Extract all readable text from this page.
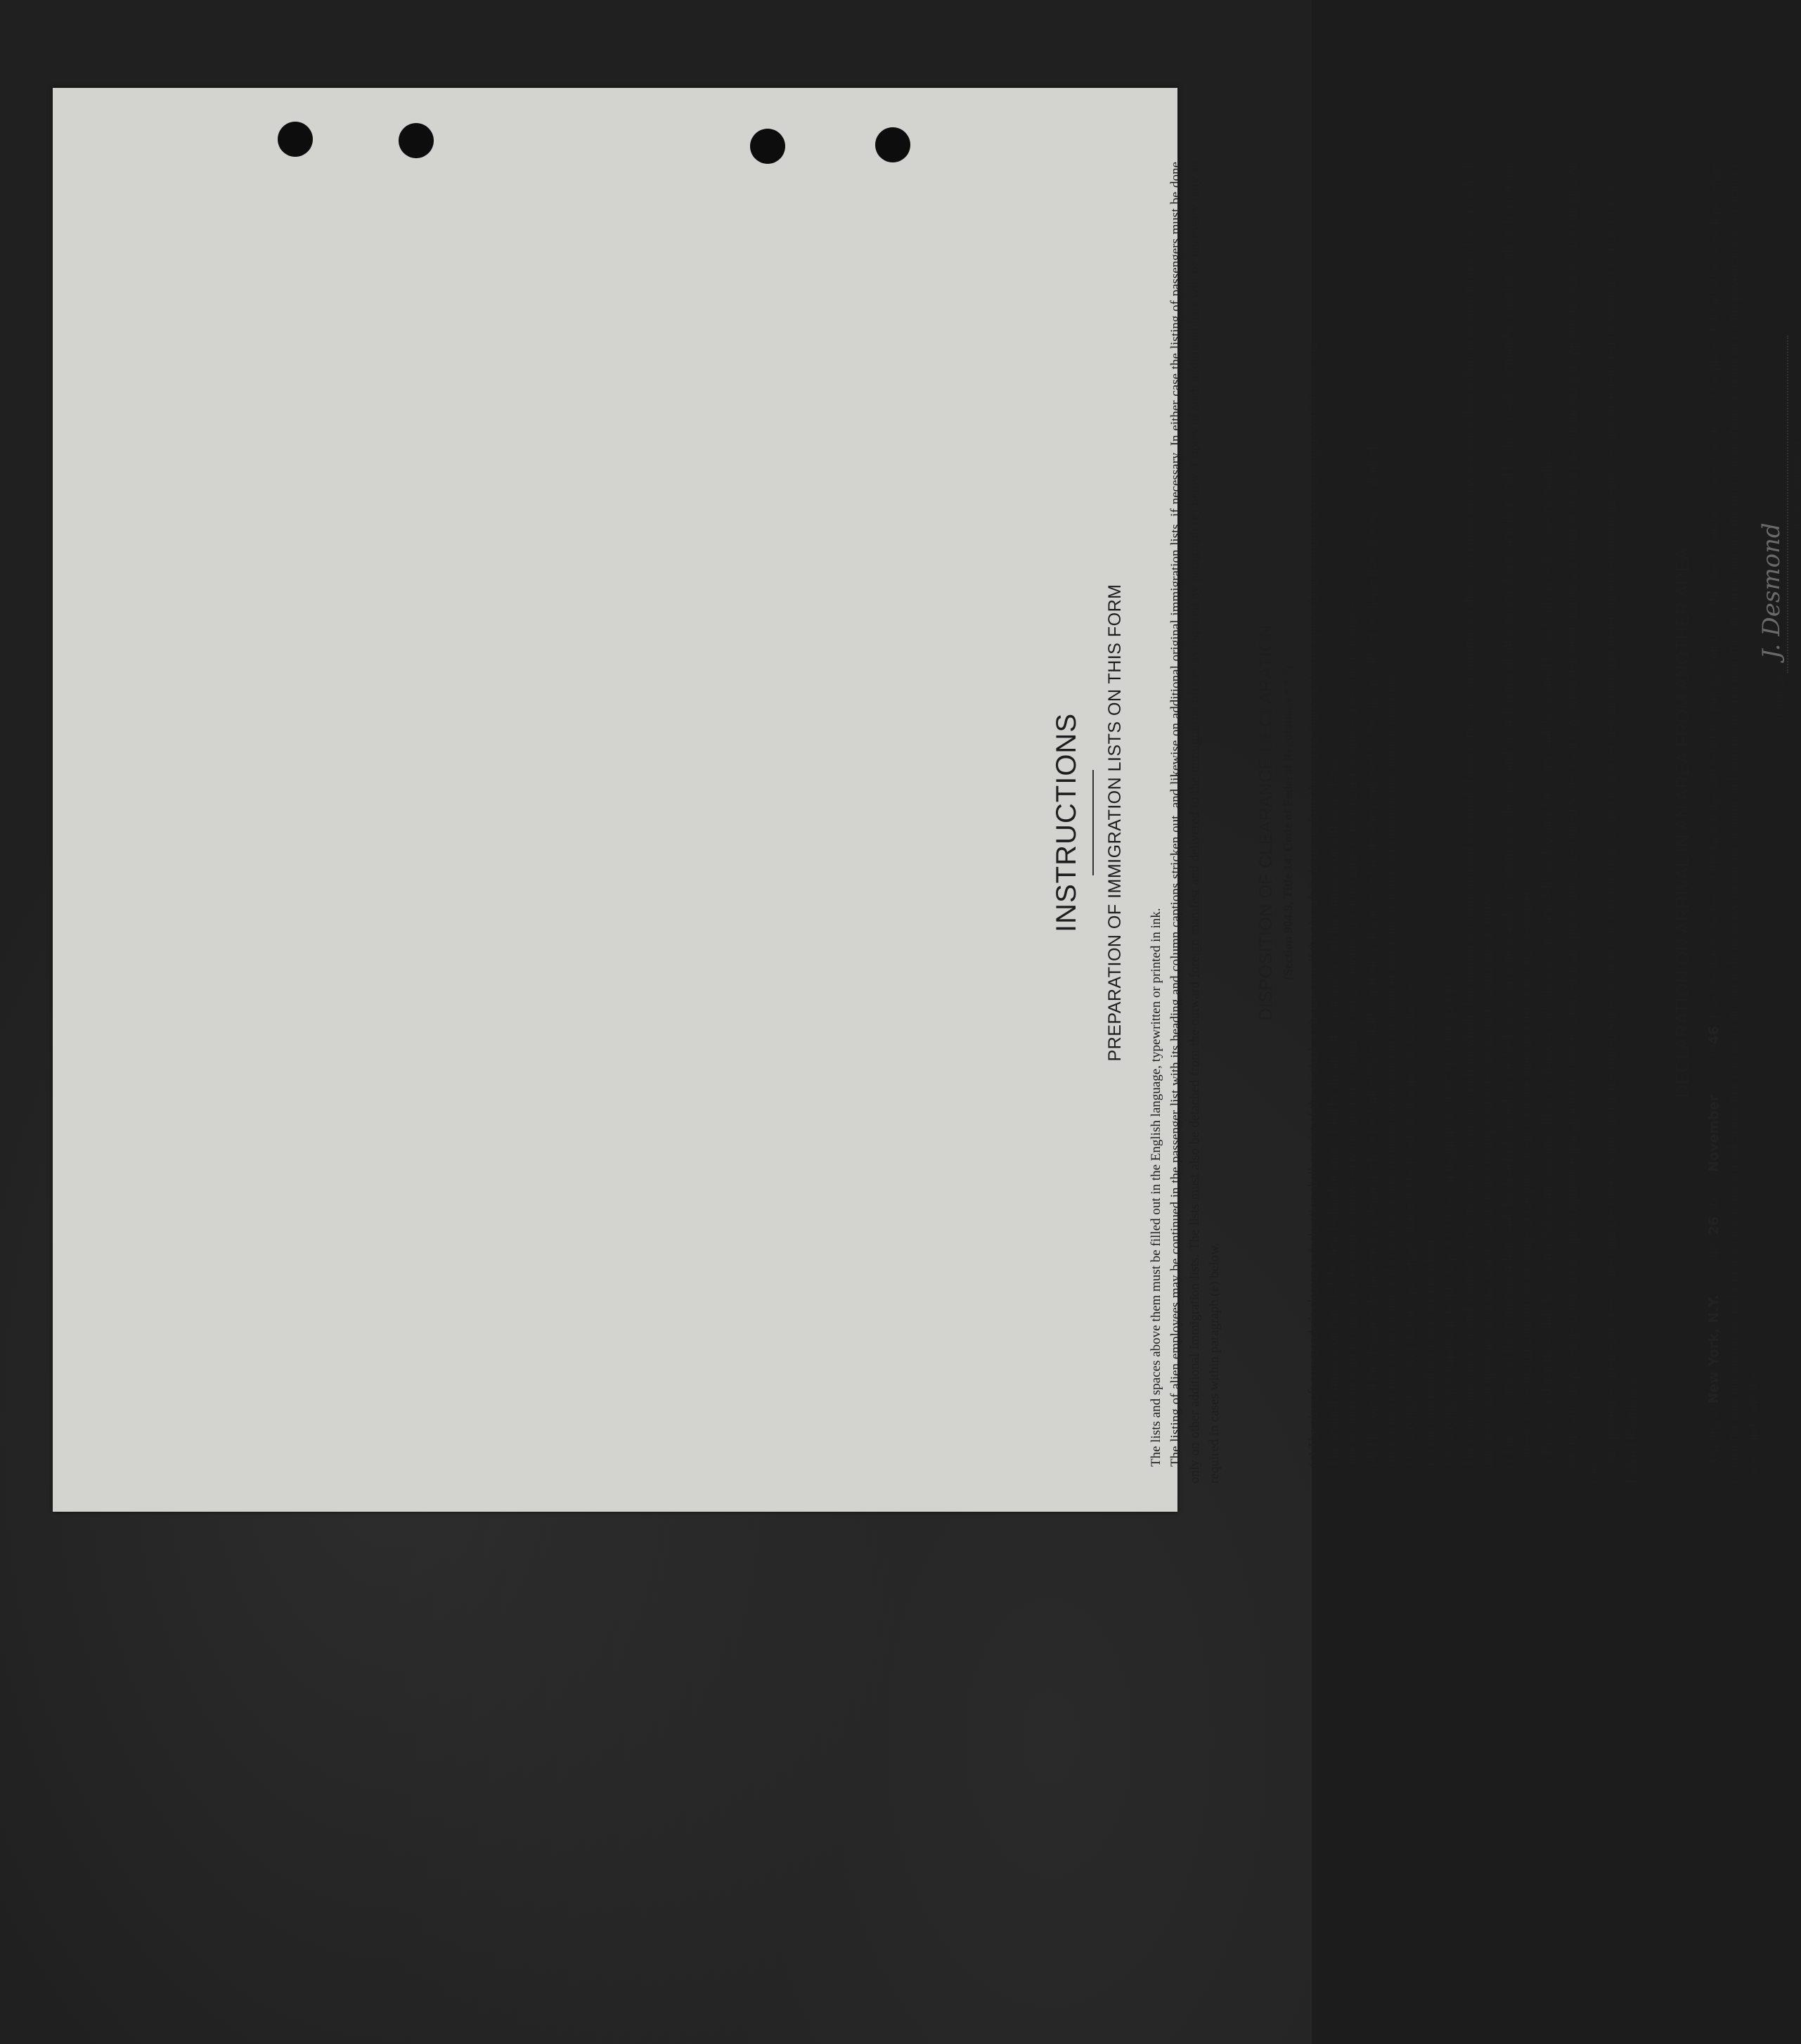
INSTRUCTIONS PREPARATION OF IMMIGRATION LISTS ON THIS FORM

The lists and spaces above them must be filled out in the English language, typewritten or printed in ink. The listing of alien employees may be continued in the passenger list with its heading and column captions stricken out, and likewise on additional original immigration lists, if necessary. In either case the listing of passengers must be done only on other additional immigration lists. The lists must also be detached from the outward foreign manifest and delivered to the immigration officer as required by paragraph (e) below. Copies of such additional lists will be necessary only as required in cases within paragraph (e) below.

DISPOSITION OF CLEARANCE DECLARATION (Section 904.9, Title 14, Code of Federal Regulations * * *)

(c) The aircraft commander's clearance declaration shall consist of the original, with one copy if the aircraft is departing from the United States, and two copies whenever required by paragraph (e) of this section. The original immigration lists shall be detached and promptly filed by the aircraft commander with the immigration officer in charge. The original outward foreign manifest shall be delivered by the aircraft commander to the customs officer in charge to be retained by him as a record of clearance. (d) The copy of the clearance declaration for a departure from the United States shall constitute a clearance certificate when endorsed by the customs officer in charge that clearance is granted.

(e) The two copies of the clearance declaration shall be furnished by the aircraft commander when the clearance is to another area and the aircraft is— (1) carrying to or over that area passengers that must be listed on clearance declaration; or (2) carrying residue cargo (19 CFR 4.10a) (3) carrying merchandise in bond (chap. XVI, Custom Regulations, 1937 (19 CFR, part 16). The copies must have the endorsement of the customs officer in the area from which clearing that permit to proceed is granted. These copies and an information sheet concerning each passenger, unless within an exception prescribed on the back of that sheet, shall upon arrival in the area to which cleared be disposed of by the aircraft commander as follows: (1) The two copies of the immigration lists shall be detached, signed on the back as to correctness and completeness of the lists and of such required information sheets, and delivered by the aircraft commander, together with such requested sheets, to the immigration officer in charge at the place of entry for use there as a list of arriving passengers. (2) The outward manifests shall be sworn to before the customs officer in charge at such place of entry and delivered to him. One copy shall be retained by such officer as the coasting manifest. NOTE.—If any passenger listed on the copies required by paragraph (e) above is debarked at any place outside the United States, each copy when delivered shall bear a notation of such place in the margin opposite his name in the immigration lists.

Any passenger, alien employee, or merchandise taken aboard outside the United States by an aircraft en route from an area to another area and brought thereto must be listed in an entry declaration as required by Section 4.8, Title 19, Code of Federal Regulations.

DECLARATION ON ARRIVAL IN AN AREA FROM ANOTHER AREA

Arriving at New York, N.Y...........this..26..day of November.......... 1946, I declare that to the best of my knowledge and belief the immigration list on this sheet contains a correct notation of the place of debarkation of each passenger in such list who has been debarked en route outside the United States, that the rest of the list includes every passenger brought on board to this area from the other area, and that the information sheets as required for the passengers so brought are correct and complete.

Signature
J. Desmond
(Aircraft commander)
